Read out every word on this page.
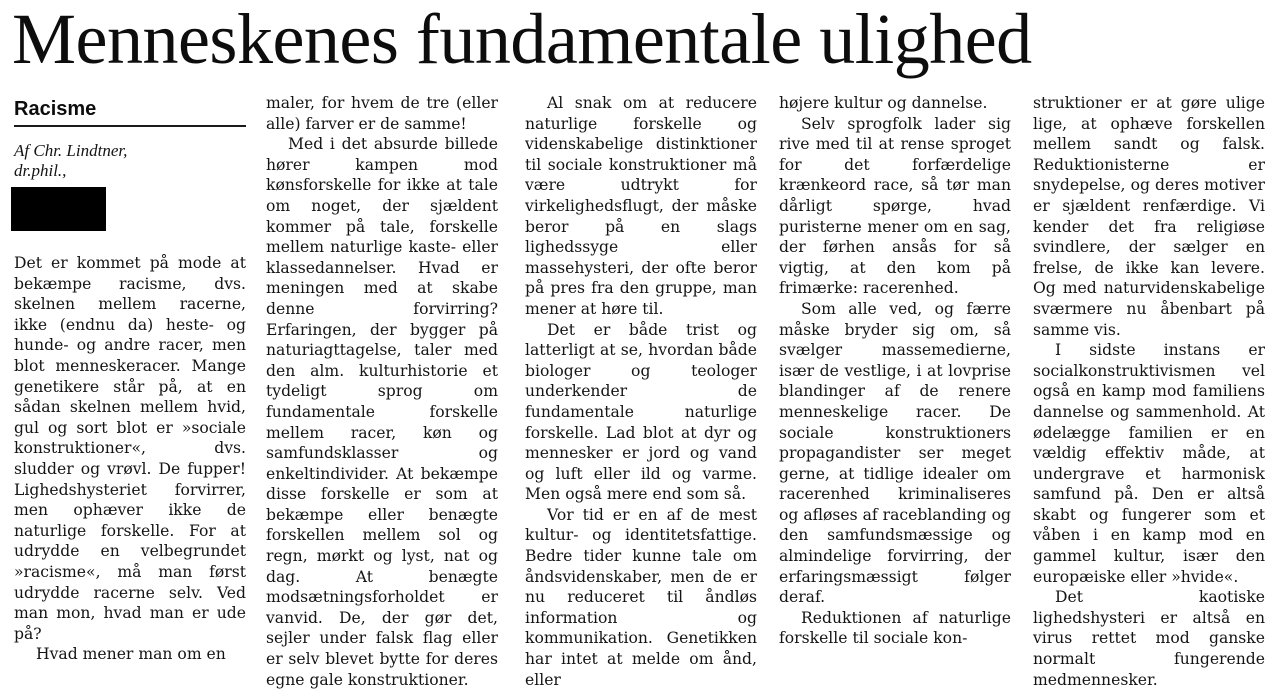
Menneskenes fundamentale ulighed
Racisme

Af Chr. Lindtner,

dr.phil.,

Det er kommet på mode at bekæmpe racisme, dvs. skelnen mellem racerne, ikke (endnu da) heste- og hunde- og andre racer, men blot menneskeracer. Mange genetikere står på, at en sådan skelnen mellem hvid, gul og sort blot er »sociale konstruktioner«, dvs. sludder og vrøvl. De fupper! Lighedshysteriet forvirrer, men ophæver ikke de naturlige forskelle. For at udrydde en velbegrundet »racisme«, må man først udrydde racerne selv. Ved man mon, hvad man er ude på?

Hvad mener man om en

maler, for hvem de tre (eller alle) farver er de samme!

Med i det absurde billede hører kampen mod kønsforskelle for ikke at tale om noget, der sjældent kommer på tale, forskelle mellem naturlige kaste- eller klassedannelser. Hvad er meningen med at skabe denne forvirring? Erfaringen, der bygger på naturiagttagelse, taler med den alm. kulturhistorie et tydeligt sprog om fundamentale forskelle mellem racer, køn og samfundsklasser og enkeltindivider. At bekæmpe disse forskelle er som at bekæmpe eller benægte forskellen mellem sol og regn, mørkt og lyst, nat og dag. At benægte modsætningsforholdet er vanvid. De, der gør det, sejler under falsk flag eller er selv blevet bytte for deres egne gale konstruktioner.

Al snak om at reducere naturlige forskelle og videnskabelige distinktioner til sociale konstruktioner må være udtrykt for virkelighedsflugt, der måske beror på en slags lighedssyge eller massehysteri, der ofte beror på pres fra den gruppe, man mener at høre til.

Det er både trist og latterligt at se, hvordan både biologer og teologer underkender de fundamentale naturlige forskelle. Lad blot at dyr og mennesker er jord og vand og luft eller ild og varme. Men også mere end som så.

Vor tid er en af de mest kultur- og identitetsfattige. Bedre tider kunne tale om åndsvidenskaber, men de er nu reduceret til åndløs information og kommunikation. Genetikken har intet at melde om ånd, eller

højere kultur og dannelse.

Selv sprogfolk lader sig rive med til at rense sproget for det forfærdelige krænkeord race, så tør man dårligt spørge, hvad puristerne mener om en sag, der førhen ansås for så vigtig, at den kom på frimærke: racerenhed.

Som alle ved, og færre måske bryder sig om, så svælger massemedierne, især de vestlige, i at lovprise blandinger af de renere menneskelige racer. De sociale konstruktioners propagandister ser meget gerne, at tidlige idealer om racerenhed kriminaliseres og afløses af raceblanding og den samfundsmæssige og almindelige forvirring, der erfaringsmæssigt følger deraf.

Reduktionen af naturlige forskelle til sociale kon-

struktioner er at gøre ulige lige, at ophæve forskellen mellem sandt og falsk. Reduktionisterne er snydepelse, og deres motiver er sjældent renfærdige. Vi kender det fra religiøse svindlere, der sælger en frelse, de ikke kan levere. Og med naturvidenskabelige sværmere nu åbenbart på samme vis.

I sidste instans er socialkonstruktivismen vel også en kamp mod familiens dannelse og sammenhold. At ødelægge familien er en vældig effektiv måde, at undergrave et harmonisk samfund på. Den er altså skabt og fungerer som et våben i en kamp mod en gammel kultur, især den europæiske eller »hvide«.

Det kaotiske lighedshysteri er altså en virus rettet mod ganske normalt fungerende medmennesker.
